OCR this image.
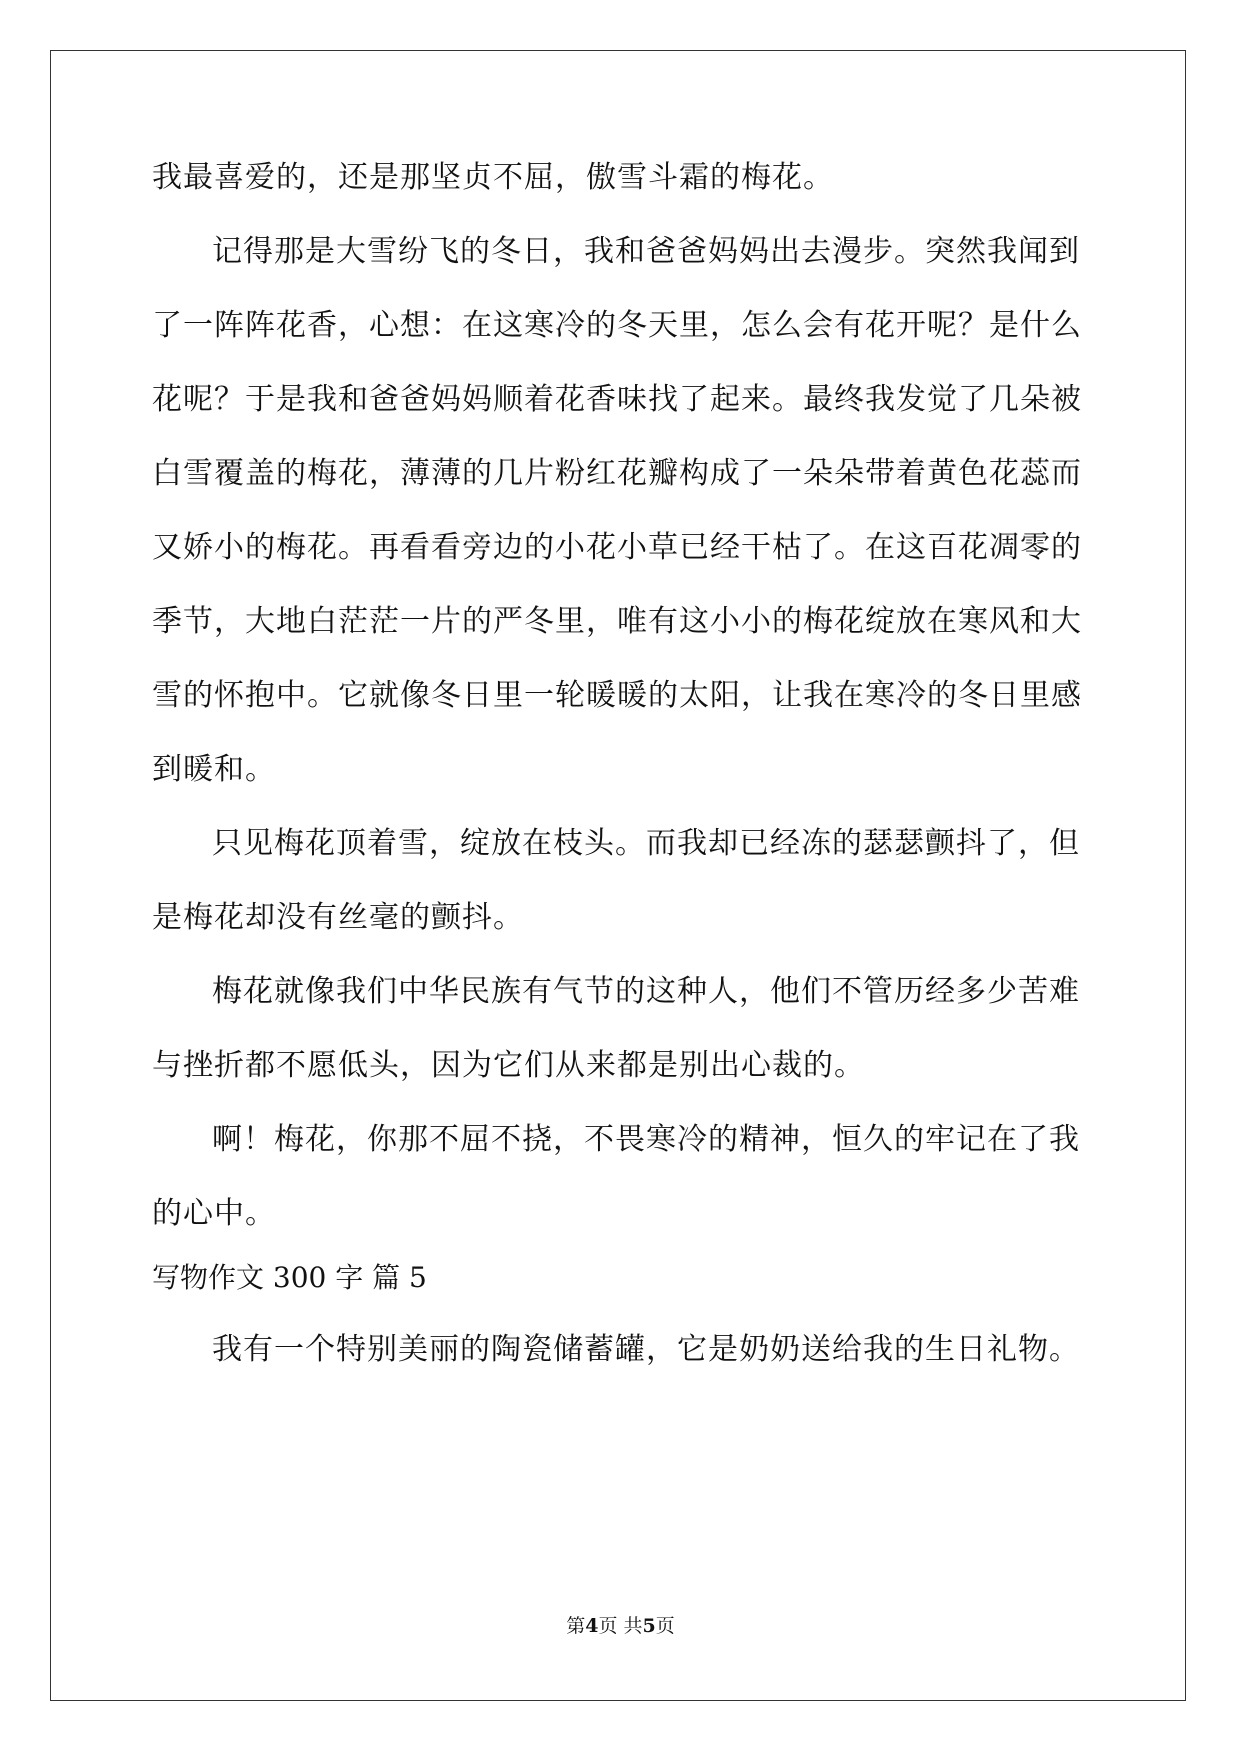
我最喜爱的，还是那坚贞不屈，傲雪斗霜的梅花。
记得那是大雪纷飞的冬日，我和爸爸妈妈出去漫步。突然我闻到
了一阵阵花香，心想：在这寒冷的冬天里，怎么会有花开呢？是什么
花呢？于是我和爸爸妈妈顺着花香味找了起来。最终我发觉了几朵被
白雪覆盖的梅花，薄薄的几片粉红花瓣构成了一朵朵带着黄色花蕊而
又娇小的梅花。再看看旁边的小花小草已经干枯了。在这百花凋零的
季节，大地白茫茫一片的严冬里，唯有这小小的梅花绽放在寒风和大
雪的怀抱中。它就像冬日里一轮暖暖的太阳，让我在寒冷的冬日里感
到暖和。
只见梅花顶着雪，绽放在枝头。而我却已经冻的瑟瑟颤抖了，但
是梅花却没有丝毫的颤抖。
梅花就像我们中华民族有气节的这种人，他们不管历经多少苦难
与挫折都不愿低头，因为它们从来都是别出心裁的。
啊！梅花，你那不屈不挠，不畏寒冷的精神，恒久的牢记在了我
的心中。
写物作文 300 字 篇 5
我有一个特别美丽的陶瓷储蓄罐，它是奶奶送给我的生日礼物。
第4页 共5页
